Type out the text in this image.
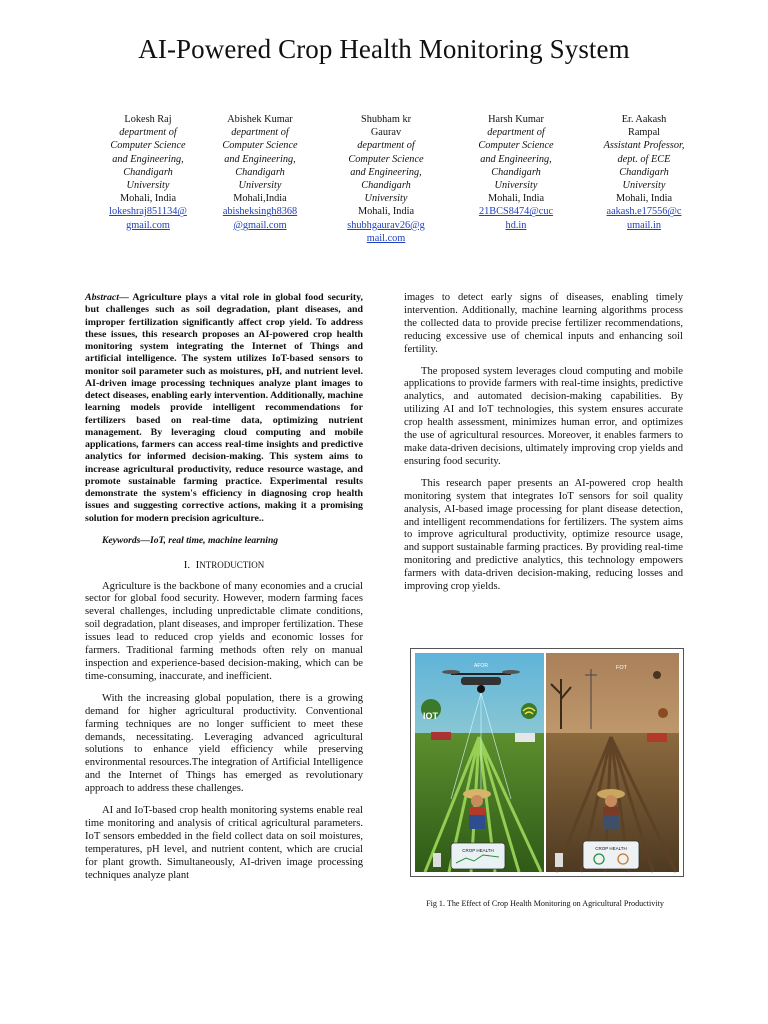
AI-Powered Crop Health Monitoring System
Lokesh Raj
department of
Computer Science
and Engineering,
Chandigarh
University
Mohali, India
lokeshraj851134@
gmail.com
Abishek Kumar
department of
Computer Science
and Engineering,
Chandigarh
University
Mohali,India
abisheksingh8368
@gmail.com
Shubham kr
Gaurav
department of
Computer Science
and Engineering,
Chandigarh
University
Mohali, India
shubhgaurav26@g
mail.com
Harsh Kumar
department of
Computer Science
and Engineering,
Chandigarh
University
Mohali, India
21BCS8474@cuc
hd.in
Er. Aakash
Rampal
Assistant Professor,
dept. of ECE
Chandigarh
University
Mohali, India
aakash.e17556@c
umail.in
Abstract— Agriculture plays a vital role in global food security, but challenges such as soil degradation, plant diseases, and improper fertilization significantly affect crop yield. To address these issues, this research proposes an AI-powered crop health monitoring system integrating the Internet of Things and artificial intelligence. The system utilizes IoT-based sensors to monitor soil parameter such as moistures, pH, and nutrient level. AI-driven image processing techniques analyze plant images to detect diseases, enabling early intervention. Additionally, machine learning models provide intelligent recommendations for fertilizers based on real-time data, optimizing nutrient management. By leveraging cloud computing and mobile applications, farmers can access real-time insights and predictive analytics for informed decision-making. This system aims to increase agricultural productivity, reduce resource wastage, and promote sustainable farming practice. Experimental results demonstrate the system's efficiency in diagnosing crop health issues and suggesting corrective actions, making it a promising solution for modern precision agriculture..

Keywords—IoT, real time, machine learning

I. INTRODUCTION

Agriculture is the backbone of many economies and a crucial sector for global food security. However, modern farming faces several challenges, including unpredictable climate conditions, soil degradation, plant diseases, and improper fertilization. These issues lead to reduced crop yields and economic losses for farmers. Traditional farming methods often rely on manual inspection and experience-based decision-making, which can be time-consuming, inaccurate, and inefficient.

With the increasing global population, there is a growing demand for higher agricultural productivity. Conventional farming techniques are no longer sufficient to meet these demands, necessitating. Leveraging advanced agricultural solutions to enhance yield efficiency while preserving environmental resources.The integration of Artificial Intelligence and the Internet of Things has emerged as revolutionary approach to address these challenges.

AI and IoT-based crop health monitoring systems enable real time monitoring and analysis of critical agricultural parameters. IoT sensors embedded in the field collect data on soil moistures, temperatures, pH level, and nutrient content, which are crucial for plant growth. Simultaneously, AI-driven image processing techniques analyze plant

images to detect early signs of diseases, enabling timely intervention. Additionally, machine learning algorithms process the collected data to provide precise fertilizer recommendations, reducing excessive use of chemical inputs and enhancing soil fertility.

The proposed system leverages cloud computing and mobile applications to provide farmers with real-time insights, predictive analytics, and automated decision-making capabilities. By utilizing AI and IoT technologies, this system ensures accurate crop health assessment, minimizes human error, and optimizes the use of agricultural resources. Moreover, it enables farmers to make data-driven decisions, ultimately improving crop yields and ensuring food security.

This research paper presents an AI-powered crop health monitoring system that integrates IoT sensors for soil quality analysis, AI-based image processing for plant disease detection, and intelligent recommendations for fertilizers. The system aims to improve agricultural productivity, optimize resource usage, and support sustainable farming practices. By providing real-time monitoring and predictive analytics, this technology empowers farmers with data-driven decision-making, reducing losses and improving crop yields.

AFOR
IOT
CROP HEALTH
FOT
CROP HEALTH
Fig 1. The Effect of Crop Health Monitoring on Agricultural Productivity
